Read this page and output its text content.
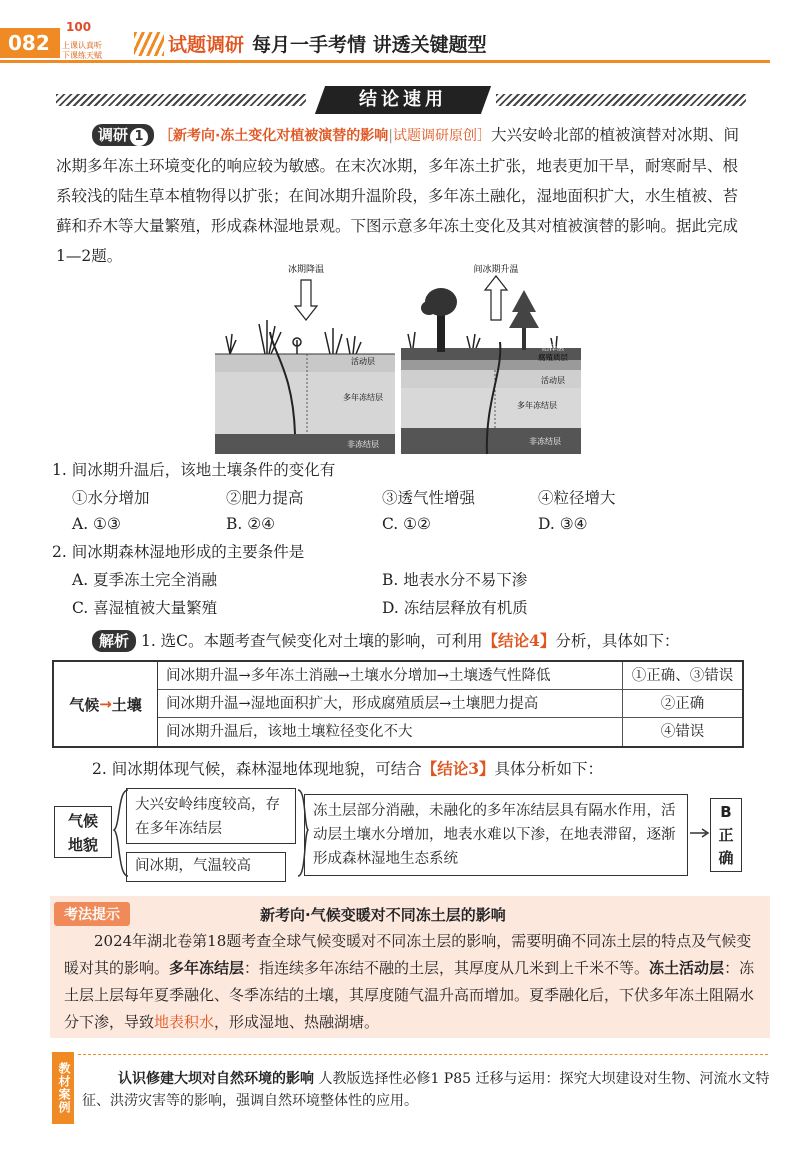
082
100
上课认真听
下课练天赋	试题调研 每月一手考情 讲透关键题型
结论速用
调研 1 ［新考向·冻土变化对植被演替的影响|试题调研原创］大兴安岭北部的植被演替对冰期、间冰期多年冻土环境变化的响应较为敏感。在末次冰期，多年冻土扩张，地表更加干旱，耐寒耐旱、根系较浅的陆生草本植物得以扩张；在间冰期升温阶段，多年冻土融化，湿地面积扩大，水生植被、苔藓和乔木等大量繁殖，形成森林湿地景观。下图示意多年冻土变化及其对植被演替的影响。据此完成1—2题。
冰期降温
活动层
多年冻结层
非冻结层
间冰期升温
沼泽层
腐殖质层
活动层
多年冻结层
非冻结层
1. 间冰期升温后，该地土壤条件的变化有
①水分增加	②肥力提高	③透气性增强	④粒径增大
A. ①③	B. ②④	C. ①②	D. ③④
2. 间冰期森林湿地形成的主要条件是
A. 夏季冻土完全消融	B. 地表水分不易下渗
C. 喜湿植被大量繁殖	D. 冻结层释放有机质
解析 1. 选C。本题考查气候变化对土壤的影响，可利用【结论4】分析，具体如下：
气候 → 土壤
间冰期升温→多年冻土消融→土壤水分增加→土壤透气性降低	①正确、③错误
间冰期升温→湿地面积扩大，形成腐殖质层→土壤肥力提高	②正确
间冰期升温后，该地土壤粒径变化不大	④错误
2. 间冰期体现气候，森林湿地体现地貌，可结合【结论3】具体分析如下：
气候
地貌
大兴安岭纬度较高，存在多年冻结层
间冰期，气温较高
冻土层部分消融，未融化的多年冻结层具有隔水作用，活动层土壤水分增加，地表水难以下渗，在地表滞留，逐渐形成森林湿地生态系统
B
正
确
考法提示	新考向·气候变暖对不同冻土层的影响
2024年湖北卷第18题考查全球气候变暖对不同冻土层的影响，需要明确不同冻土层的特点及气候变暖对其的影响。多年冻结层：指连续多年冻结不融的土层，其厚度从几米到上千米不等。冻土活动层：冻土层上层每年夏季融化、冬季冻结的土壤，其厚度随气温升高而增加。夏季融化后，下伏多年冻土阻隔水分下渗，导致地表积水，形成湿地、热融湖塘。
教材案例	认识修建大坝对自然环境的影响 人教版选择性必修1 P85 迁移与运用：探究大坝建设对生物、河流水文特征、洪涝灾害等的影响，强调自然环境整体性的应用。
